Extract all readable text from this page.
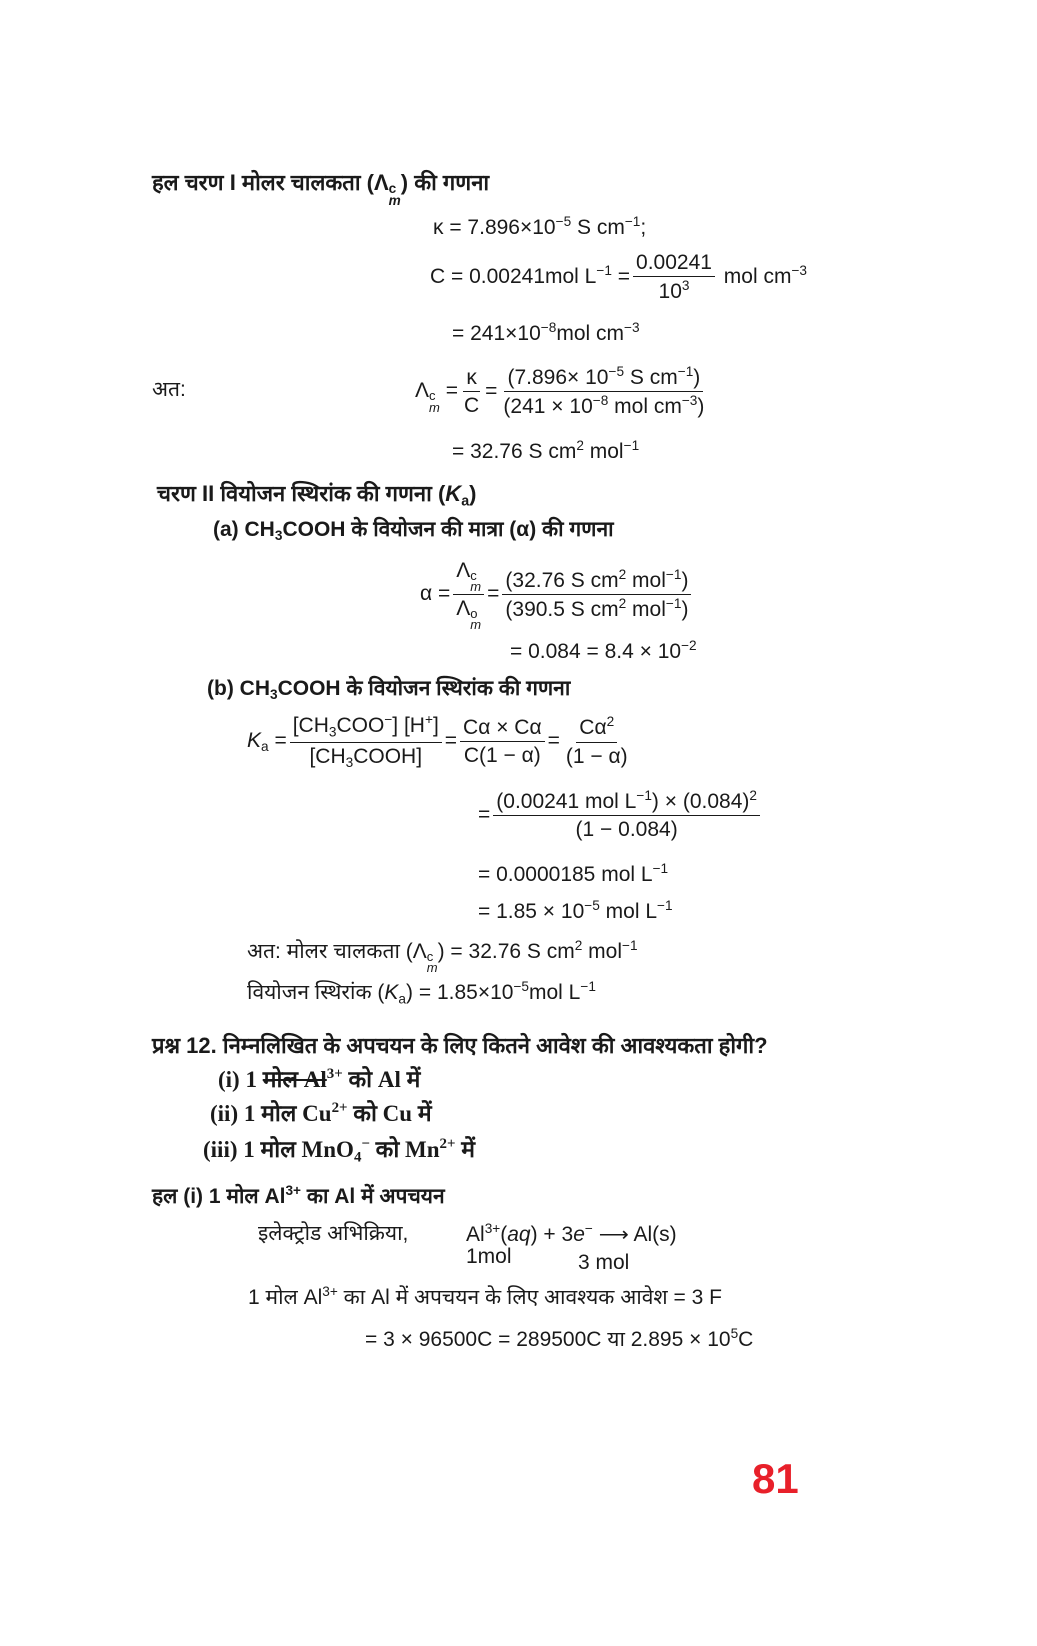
हल चरण I मोलर चालकता (Λ c
m
) की गणना
$\kappa = 7.896\times 10^{-5}$ S $cm^{-1}$;
C = 0.00241mol $L^{-1} = \frac{0.00241}{10^3}$ mol $cm^{-3}$
= $241\times 10^{-8}mol$ $cm^{-3}$
अत:	Λ c
m
= $\frac{\kappa}{C} = \frac{(7.896\times 10^{-5} S cm^{-1})}{(241 \times 10^{-8} mol cm^{-3})}$
= 32.76 S $cm^2$ mol$^{-1}$
चरण II वियोजन स्थिरांक की गणना $(K_a)$
(a) $CH_3COOH$ के वियोजन की मात्रा (α) की गणना
α = Λ c
m
Λ o
$m = \frac{(32.76 S cm^2 mol^{-1})}{(390.5 S cm^2 mol^{-1})}$
= $0.084 = 8.4 \times 10^{-2}$
(b) $CH_3COOH$ के वियोजन स्थिरांक की गणना
$K_a = \frac{[CH_3COO^-] [H^+]}{[CH_3COOH]} = \frac{C\alpha \times C\alpha}{C(1 - \alpha)} = \frac{C\alpha^2}{(1 - \alpha)}$
= $\frac{(0.00241 mol L^{-1}) \times (0.084)^2}{(1 - 0.084)}$
= 0.0000185 mol $L^{-1}$
= $1.85 \times 10^{-5}$ mol $L^{-1}$
अत: मोलर चालकता (Λ c
m
) = 32.76 S $cm^2$ mol$^{-1}$
वियोजन स्थिरांक $(K_a) = 1.85\times 10^{-5}mol$ $L^{-1}$
प्रश्न 12. निम्नलिखित के अपचयन के लिए कितने आवेश की आवश्यकता होगी?
(i) 1 मोल $Al^{3+}$ को Al में
(ii) 1 मोल $Cu^{2+}$ को Cu में
(iii) 1 मोल MnO$_4$− को $Mn^{2+}$ में
हल (i) 1 मोल $Al^{3+}$ का Al में अपचयन
इलेक्ट्रोड अभिक्रिया,	$Al^{3+}(aq) + 3e^-$ ⟶ Al(s)
1mol	3 mol
1 मोल $Al^{3+}$ का Al में अपचयन के लिए आवश्यक आवेश = 3 F
= 3 × 96500C = 289500C या $2.895 \times 10^5C$
81
